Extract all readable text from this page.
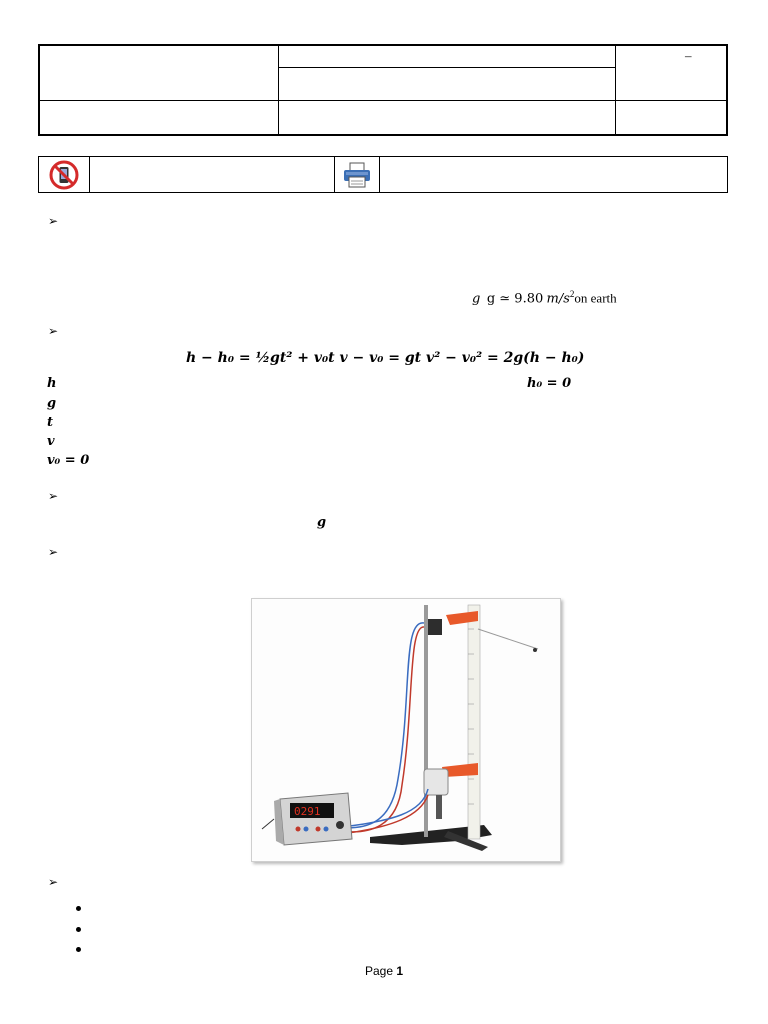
–
➢
g g ≃ 9.80 $m/s^2on$ earth
➢
h − h₀ = ½gt² + v₀t v − v₀ = gt v² − v₀² = 2g(h − h₀)
h	h₀ = 0
g
t
v
v₀ = 0
➢
g
➢
0291
➢
Page 1
